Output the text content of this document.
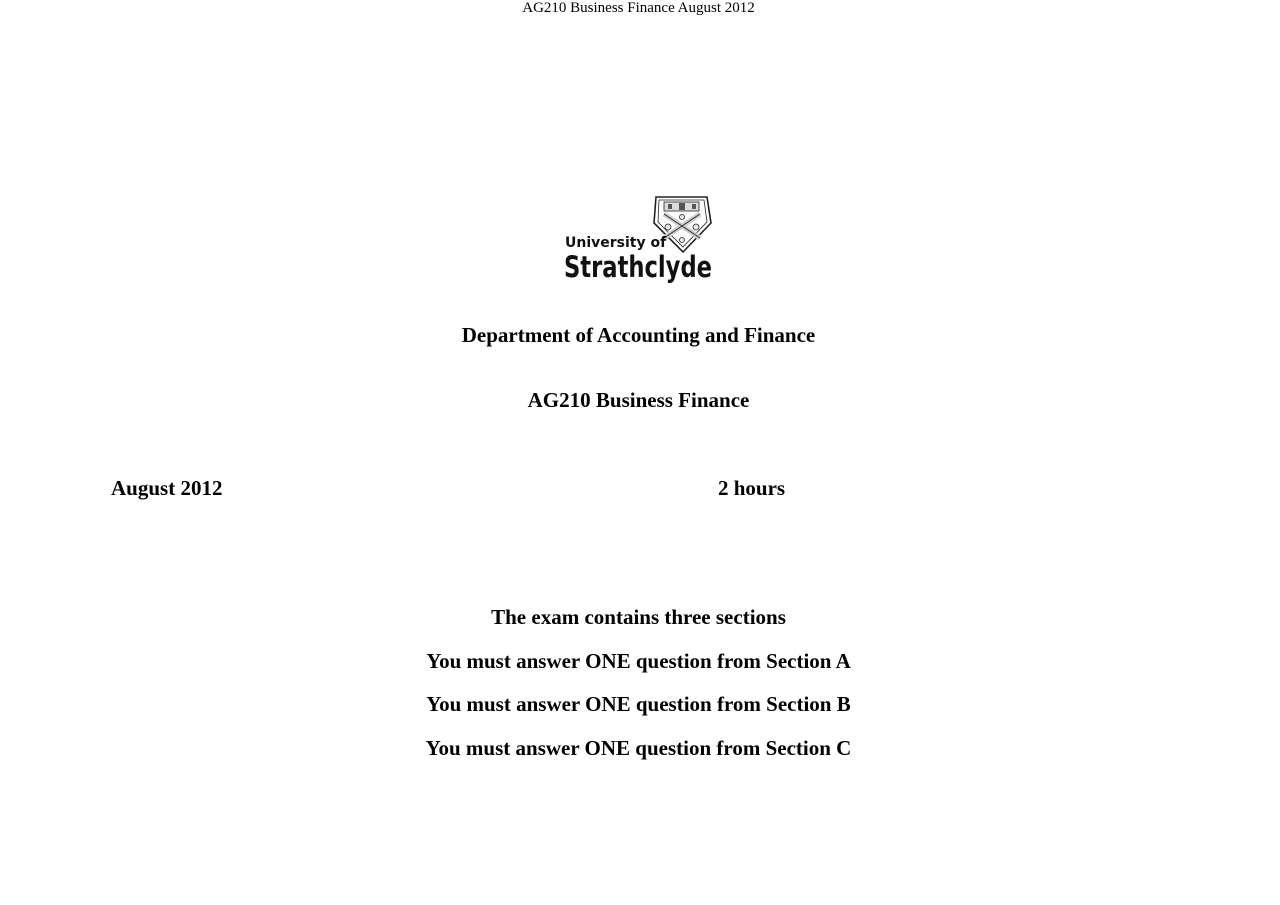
AG210 Business Finance August 2012
University of
Strathclyde
Department of Accounting and Finance
AG210 Business Finance
August 2012	2 hours
The exam contains three sections
You must answer ONE question from Section A
You must answer ONE question from Section B
You must answer ONE question from Section C
